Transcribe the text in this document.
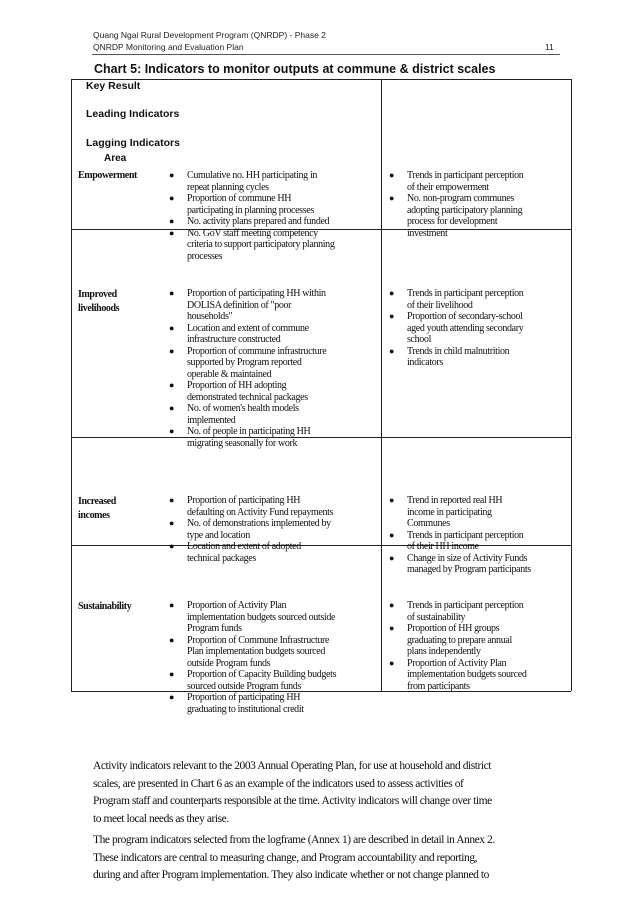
Quang Ngai Rural Development Program (QNRDP) - Phase 2
QNRDP Monitoring and Evaluation Plan	11
Chart 5: Indicators to monitor outputs at commune & district scales
Key Result
Leading Indicators
Lagging Indicators
Area
Empowerment
Improved
livelihoods
Increased
incomes
Sustainability
● Cumulative no. HH participating in
repeat planning cycles
● Proportion of commune HH
participating in planning processes
● No. activity plans prepared and funded
● No. GoV staff meeting competency
criteria to support participatory planning
processes
● Trends in participant perception
of their empowerment
● No. non-program communes
adopting participatory planning
process for development
investment
● Proportion of participating HH within
DOLISA definition of "poor
households"
● Location and extent of commune
infrastructure constructed
● Proportion of commune infrastructure
supported by Program reported
operable & maintained
● Proportion of HH adopting
demonstrated technical packages
● No. of women's health models
implemented
● No. of people in participating HH
migrating seasonally for work
● Trends in participant perception
of their livelihood
● Proportion of secondary-school
aged youth attending secondary
school
● Trends in child malnutrition
indicators
● Proportion of participating HH
defaulting on Activity Fund repayments
● No. of demonstrations implemented by
type and location
● Location and extent of adopted
technical packages
● Trend in reported real HH
income in participating
Communes
● Trends in participant perception
of their HH income
● Change in size of Activity Funds
managed by Program participants
● Proportion of Activity Plan
implementation budgets sourced outside
Program funds
● Proportion of Commune Infrastructure
Plan implementation budgets sourced
outside Program funds
● Proportion of Capacity Building budgets
sourced outside Program funds
● Proportion of participating HH
graduating to institutional credit
● Trends in participant perception
of sustainability
● Proportion of HH groups
graduating to prepare annual
plans independently
● Proportion of Activity Plan
implementation budgets sourced
from participants
Activity indicators relevant to the 2003 Annual Operating Plan, for use at household and district
scales, are presented in Chart 6 as an example of the indicators used to assess activities of
Program staff and counterparts responsible at the time. Activity indicators will change over time
to meet local needs as they arise.
The program indicators selected from the logframe (Annex 1) are described in detail in Annex 2.
These indicators are central to measuring change, and Program accountability and reporting,
during and after Program implementation. They also indicate whether or not change planned to
